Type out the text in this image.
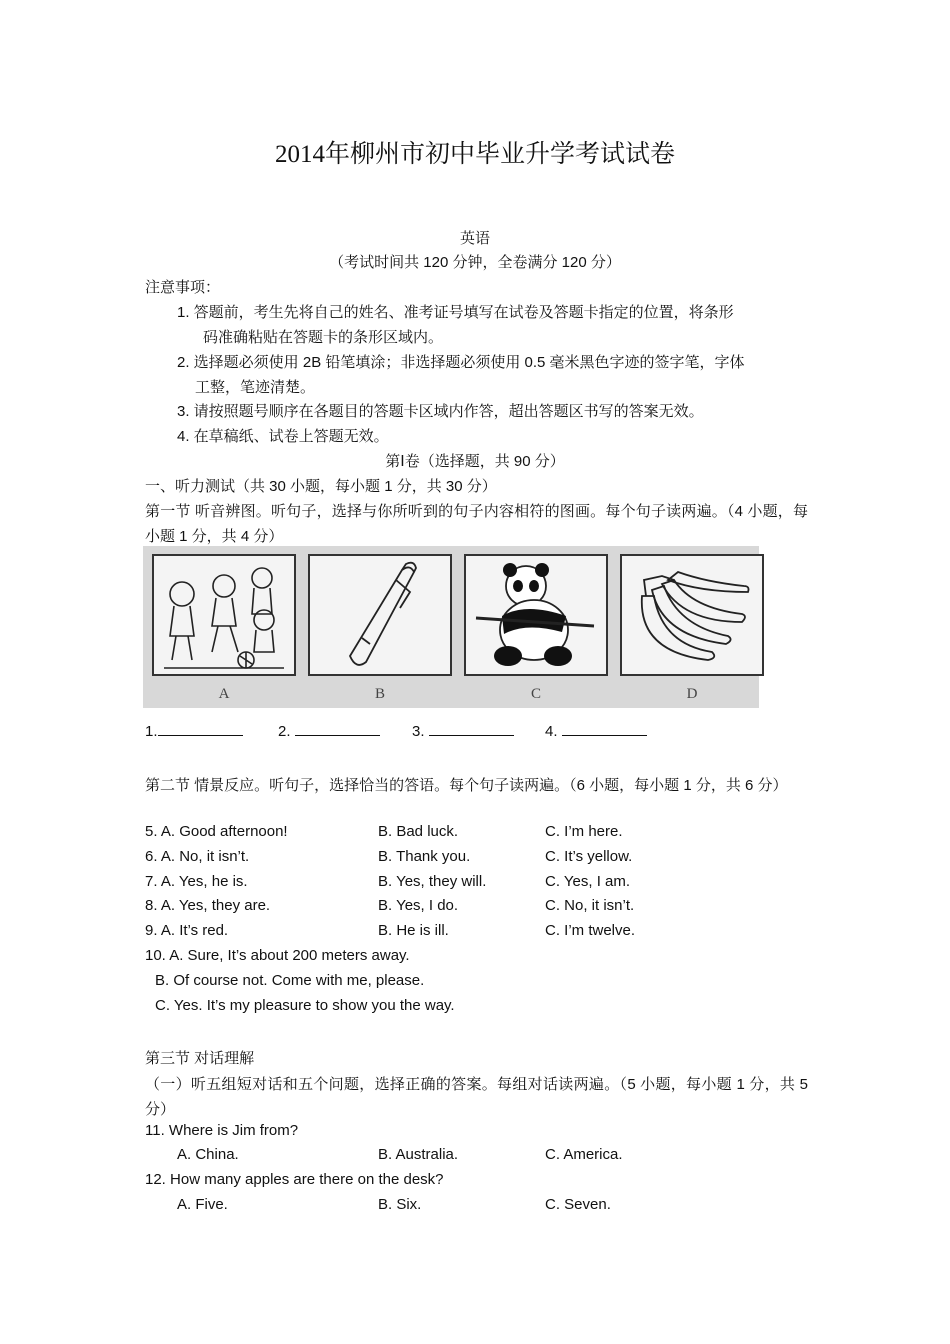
2014年柳州市初中毕业升学考试试卷
英语
（考试时间共 120 分钟，全卷满分 120 分）
注意事项：
1. 答题前，考生先将自己的姓名、准考证号填写在试卷及答题卡指定的位置，将条形
码准确粘贴在答题卡的条形区域内。
2. 选择题必须使用 2B 铅笔填涂；非选择题必须使用 0.5 毫米黑色字迹的签字笔，字体
工整，笔迹清楚。
3. 请按照题号顺序在各题目的答题卡区域内作答，超出答题区书写的答案无效。
4. 在草稿纸、试卷上答题无效。
第Ⅰ卷（选择题，共 90 分）
一、听力测试（共 30 小题，每小题 1 分，共 30 分）
第一节 听音辨图。听句子，选择与你所听到的句子内容相符的图画。每个句子读两遍。（4 小题，每小题 1 分，共 4 分）
A	B	C	D
1.	2.	3.	4.
第二节 情景反应。听句子，选择恰当的答语。每个句子读两遍。（6 小题，每小题 1 分，共 6 分）
5. A. Good afternoon!	B. Bad luck.	C. I’m here.
6. A. No, it isn’t.	B. Thank you.	C. It’s yellow.
7. A. Yes, he is.	B. Yes, they will.	C. Yes, I am.
8. A. Yes, they are.	B. Yes, I do.	C. No, it isn’t.
9. A. It’s red.	B. He is ill.	C. I’m twelve.
10. A. Sure, It’s about 200 meters away.
B. Of course not. Come with me, please.
C. Yes. It’s my pleasure to show you the way.
第三节 对话理解
（一）听五组短对话和五个问题，选择正确的答案。每组对话读两遍。（5 小题，每小题 1 分，共 5 分）
11. Where is Jim from?
A. China.	B. Australia.	C. America.
12. How many apples are there on the desk?
A. Five.	B. Six.	C. Seven.
